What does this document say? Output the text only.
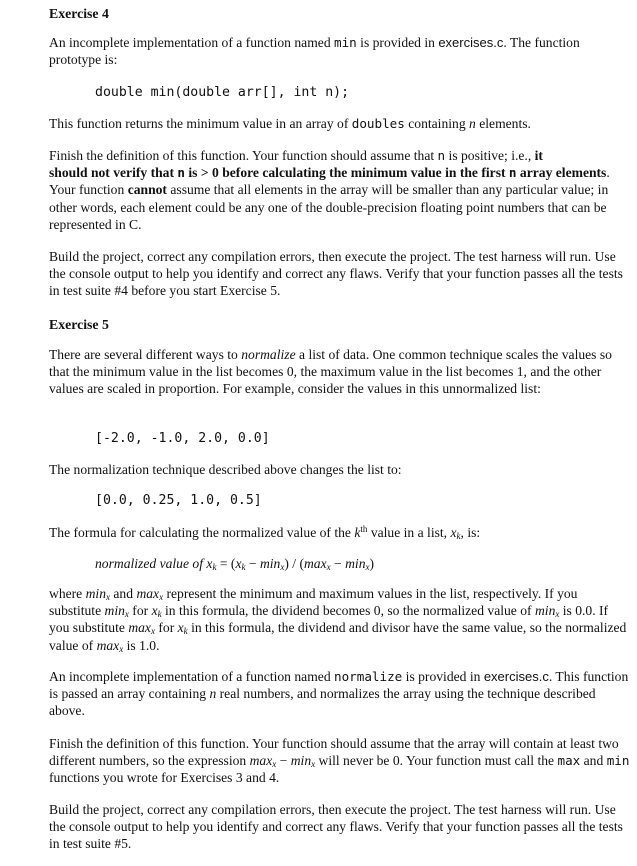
Exercise 4

An incomplete implementation of a function named min is provided in exercises.c. The function prototype is:

double min(double arr[], int n);

This function returns the minimum value in an array of doubles containing n elements.

Finish the definition of this function. Your function should assume that n is positive; i.e., it
should not verify that n is > 0 before calculating the minimum value in the first n array elements. Your function cannot assume that all elements in the array will be smaller than any particular value; in other words, each element could be any one of the double-precision floating point numbers that can be represented in C.

Build the project, correct any compilation errors, then execute the project. The test harness will run. Use the console output to help you identify and correct any flaws. Verify that your function passes all the tests in test suite #4 before you start Exercise 5.

Exercise 5

There are several different ways to normalize a list of data. One common technique scales the values so that the minimum value in the list becomes 0, the maximum value in the list becomes 1, and the other values are scaled in proportion. For example, consider the values in this unnormalized list:

[-2.0, -1.0, 2.0, 0.0]

The normalization technique described above changes the list to:

[0.0, 0.25, 1.0, 0.5]

The formula for calculating the normalized value of the $k^{th}$ value in a list, $x_k$, is:

normalized value of $x_k = (x_k - \min_x) / (\max_x - \min_x)$

where $\min_x$ and $\max_x$ represent the minimum and maximum values in the list, respectively. If you substitute $\min_x$ for $x_k$ in this formula, the dividend becomes 0, so the normalized value of $\min_x$ is 0.0. If you substitute $\max_x$ for $x_k$ in this formula, the dividend and divisor have the same value, so the normalized value of $\max_x$ is 1.0.

An incomplete implementation of a function named normalize is provided in exercises.c. This function is passed an array containing n real numbers, and normalizes the array using the technique described above.

Finish the definition of this function. Your function should assume that the array will contain at least two different numbers, so the expression $\max_x - \min_x$ will never be 0. Your function must call the max and min functions you wrote for Exercises 3 and 4.

Build the project, correct any compilation errors, then execute the project. The test harness will run. Use the console output to help you identify and correct any flaws. Verify that your function passes all the tests in test suite #5.
